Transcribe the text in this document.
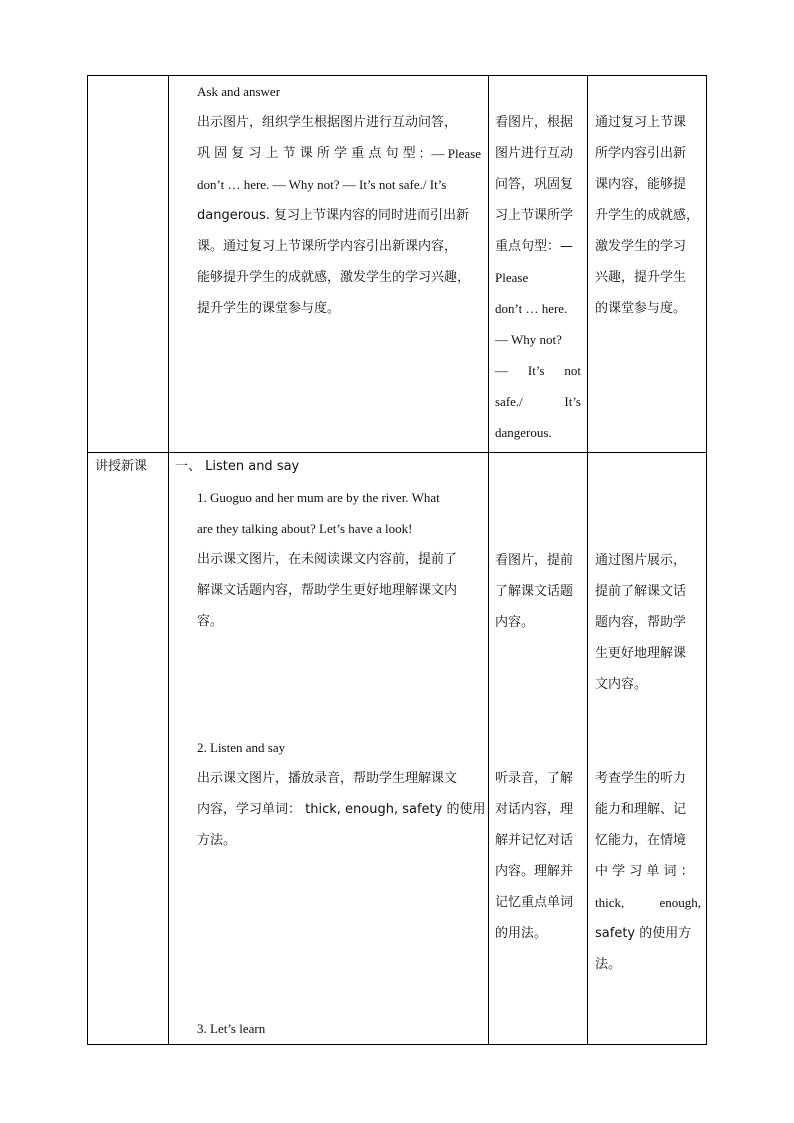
Ask and answer
出示图片，组织学生根据图片进行互动问答，
巩 固 复 习 上 节 课 所 学 重 点 句 型 ：— Please
don’t … here. — Why not? — It’s not safe./ It’s
dangerous. 复习上节课内容的同时进而引出新
课。通过复习上节课所学内容引出新课内容，
能够提升学生的成就感，激发学生的学习兴趣，
提升学生的课堂参与度。
看图片，根据
图片进行互动
问答，巩固复
习上节课所学
重点句型：—
Please
don’t … here.
— Why not?
— It’s not
safe./	It’s
dangerous.
通过复习上节课
所学内容引出新
课内容，能够提
升学生的成就感，
激发学生的学习
兴趣，提升学生
的课堂参与度。
讲授新课 一、 Listen and say
1. Guoguo and her mum are by the river. What
are they talking about? Let’s have a look!
出示课文图片，在未阅读课文内容前，提前了
解课文话题内容，帮助学生更好地理解课文内
容。
看图片，提前
了解课文话题
内容。
通过图片展示，
提前了解课文话
题内容，帮助学
生更好地理解课
文内容。
2. Listen and say
出示课文图片，播放录音，帮助学生理解课文
内容，学习单词： thick, enough, safety 的使用
方法。
听录音，了解
对话内容，理
解并记忆对话
内容。理解并
记忆重点单词
的用法。
考查学生的听力
能力和理解、记
忆能力，在情境
中 学 习 单 词 ：
thick,	enough,
safety 的使用方
法。
3. Let’s learn
